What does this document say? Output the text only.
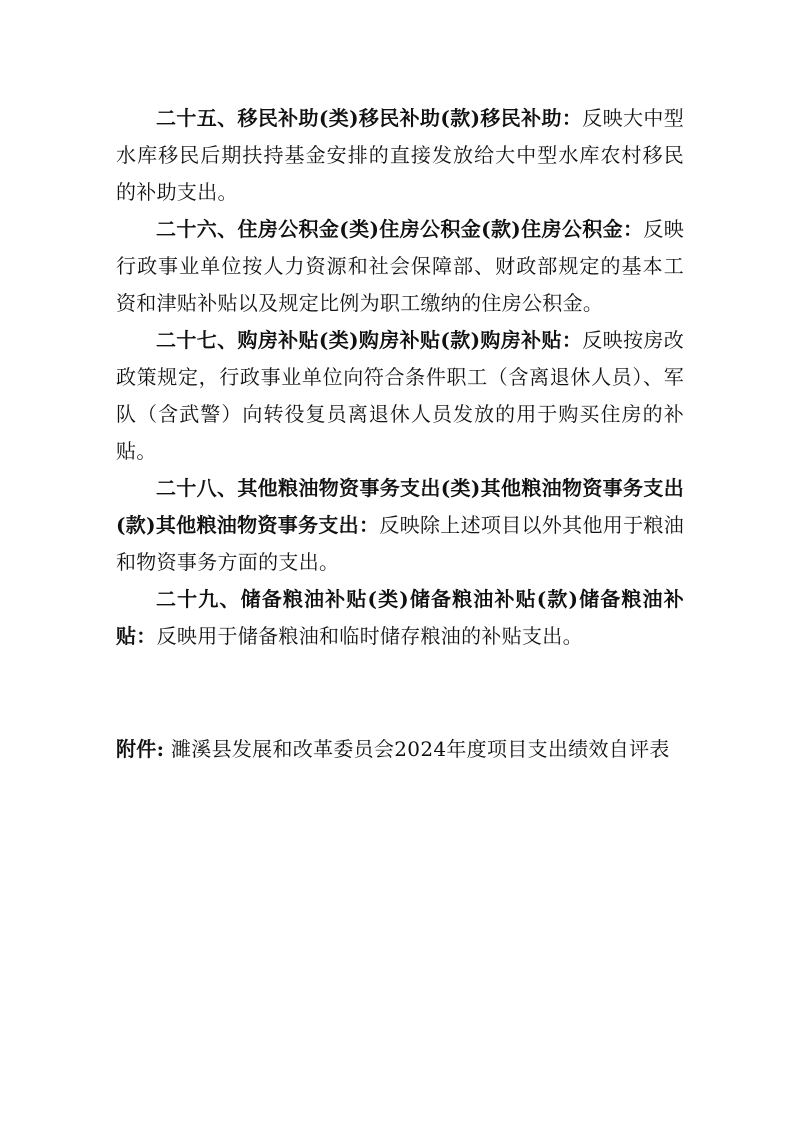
二十五、移民补助(类)移民补助(款)移民补助：反映大中型水库移民后期扶持基金安排的直接发放给大中型水库农村移民的补助支出。

二十六、住房公积金(类)住房公积金(款)住房公积金：反映行政事业单位按人力资源和社会保障部、财政部规定的基本工资和津贴补贴以及规定比例为职工缴纳的住房公积金。

二十七、购房补贴(类)购房补贴(款)购房补贴：反映按房改政策规定，行政事业单位向符合条件职工（含离退休人员）、军队（含武警）向转役复员离退休人员发放的用于购买住房的补贴。

二十八、其他粮油物资事务支出(类)其他粮油物资事务支出(款)其他粮油物资事务支出：反映除上述项目以外其他用于粮油和物资事务方面的支出。

二十九、储备粮油补贴(类)储备粮油补贴(款)储备粮油补贴：反映用于储备粮油和临时储存粮油的补贴支出。

附件: 濉溪县发展和改革委员会2024年度项目支出绩效自评表
